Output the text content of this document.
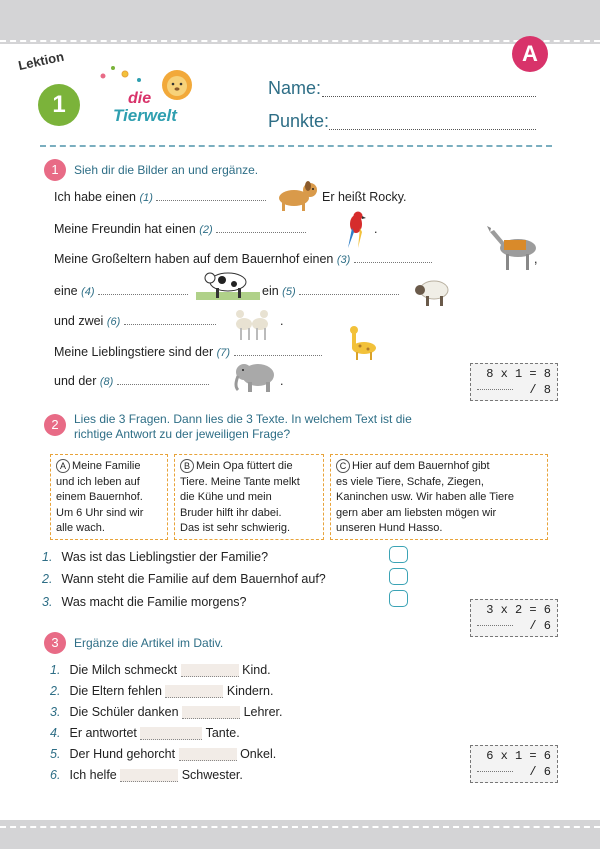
A
Lektion
1	die
Tierwelt
Name:
Punkte:
1	Sieh dir die Bilder an und ergänze.
Ich habe einen (1)	Er heißt Rocky.
Meine Freundin hat einen (2)	.
Meine Großeltern haben auf dem Bauernhof einen (3)	,
eine (4)	ein (5)
und zwei (6)	.
Meine Lieblingstiere sind der (7)
und der (8)	.	8 x 1 = 8
/ 8
2	Lies die 3 Fragen. Dann lies die 3 Texte. In welchem Text ist die
richtige Antwort zu der jeweiligen Frage?
A Meine Familie
und ich leben auf
einem Bauernhof.
Um 6 Uhr sind wir
alle wach.
B Mein Opa füttert die
Tiere. Meine Tante melkt
die Kühe und mein
Bruder hilft ihr dabei.
Das ist sehr schwierig.
C Hier auf dem Bauernhof gibt
es viele Tiere, Schafe, Ziegen,
Kaninchen usw. Wir haben alle Tiere
gern aber am liebsten mögen wir
unseren Hund Hasso.
1. Was ist das Lieblingstier der Familie?
2. Wann steht die Familie auf dem Bauernhof auf?
3. Was macht die Familie morgens?
3 x 2 = 6
/ 6
3	Ergänze die Artikel im Dativ.
1. Die Milch schmeckt	Kind.
2. Die Eltern fehlen	Kindern.
3. Die Schüler danken	Lehrer.
4. Er antwortet	Tante.
5. Der Hund gehorcht	Onkel.
6. Ich helfe	Schwester.
6 x 1 = 6
/ 6
